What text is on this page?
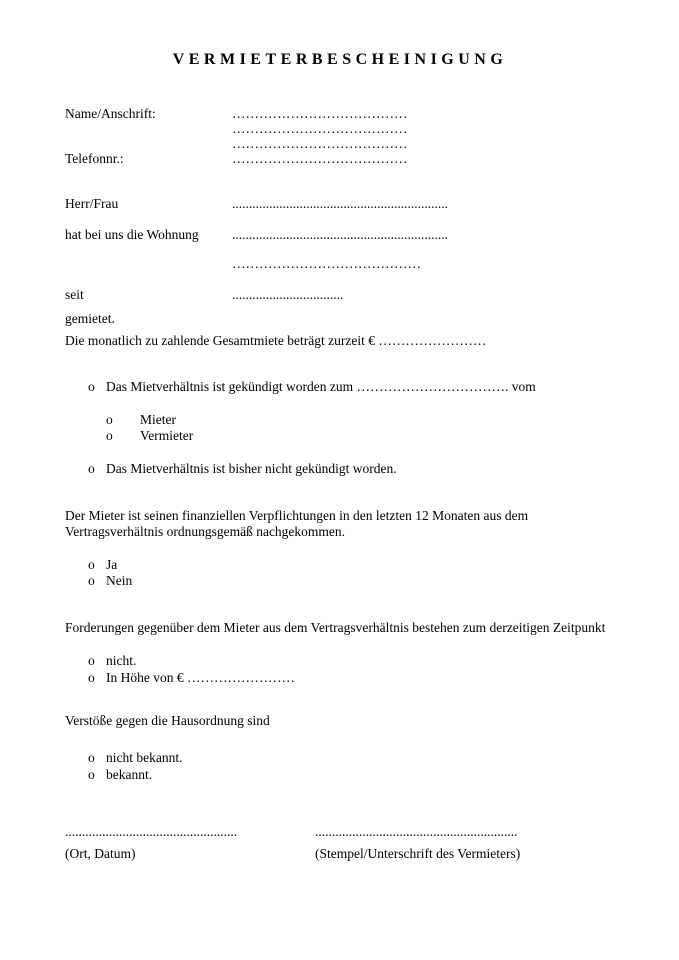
VERMIETERBESCHEINIGUNG
Name/Anschrift:	…………………………………
…………………………………
…………………………………
Telefonnr.:	…………………………………
Herr/Frau	................................................................
hat bei uns die Wohnung	................................................................
……………………………………
seit	.................................
gemietet.
Die monatlich zu zahlende Gesamtmiete beträgt zurzeit € ……………………
o Das Mietverhältnis ist gekündigt worden zum ……………………………. vom
o	Mieter
o	Vermieter
o Das Mietverhältnis ist bisher nicht gekündigt worden.
Der Mieter ist seinen finanziellen Verpflichtungen in den letzten 12 Monaten aus dem Vertragsverhältnis ordnungsgemäß nachgekommen.
o Ja
o Nein
Forderungen gegenüber dem Mieter aus dem Vertragsverhältnis bestehen zum derzeitigen Zeitpunkt
o nicht.
o In Höhe von € ……………………
Verstöße gegen die Hausordnung sind
o nicht bekannt.
o bekannt.
...................................................	............................................................
(Ort, Datum)	(Stempel/Unterschrift des Vermieters)
